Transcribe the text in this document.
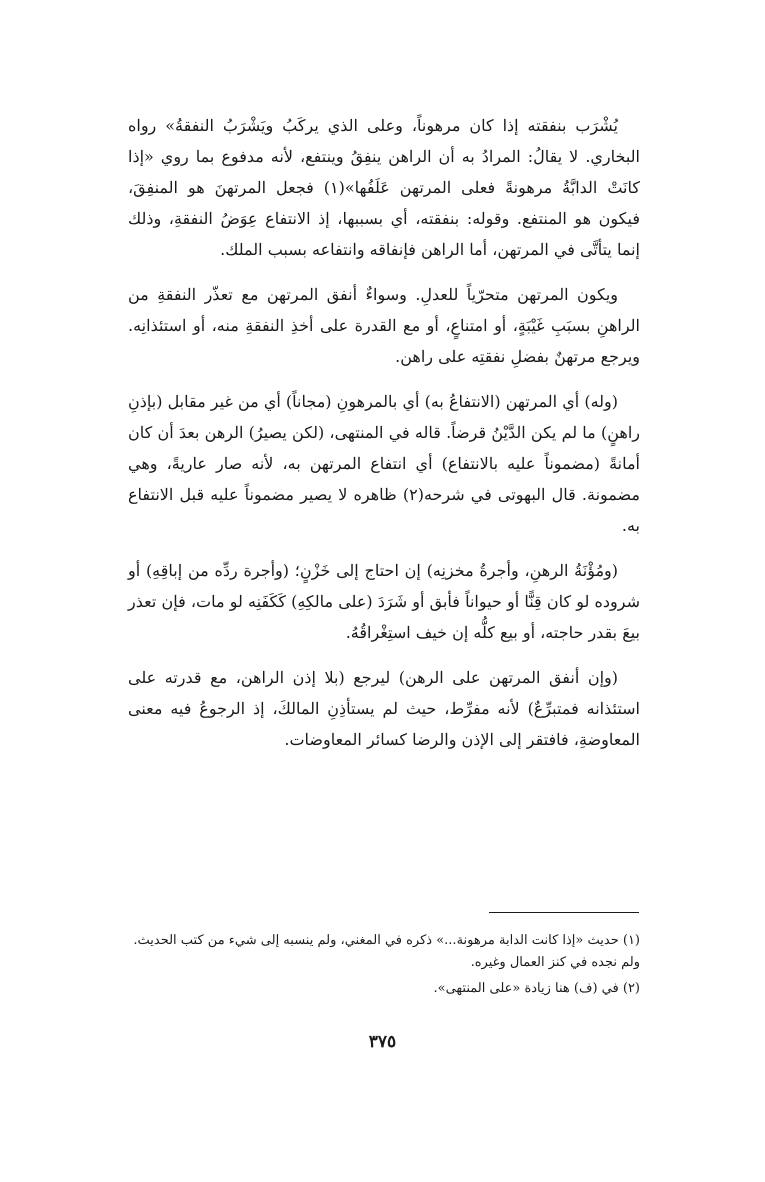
يُشْرَب بنفقته إذا كان مرهوناً، وعلى الذي يركَبُ ويَشْرَبُ النفقةُ» رواه البخاري. لا يقالُ: المرادُ به أن الراهن ينفِقُ وينتفع، لأنه مدفوع بما روي «إذا كانَتْ الدابَّةُ مرهونةً فعلى المرتهن عَلَفُها»(١) فجعل المرتهنَ هو المنفِقَ، فيكون هو المنتفع. وقوله: بنفقته، أي بسببها، إذ الانتفاع عِوَضُ النفقةِ، وذلك إنما يتأتَّى في المرتهن، أما الراهن فإنفاقه وانتفاعه بسبب الملك.

ويكون المرتهن متحرّياً للعدلِ. وسواءٌ أنفق المرتهن مع تعذّر النفقةِ من الراهنِ بسبَبِ غَيْبَةٍ، أو امتناعٍ، أو مع القدرة على أخذِ النفقةِ منه، أو استئذانِه. ويرجع مرتهنٌ بفضلِ نفقتِه على راهن.

(وله) أي المرتهن (الانتفاعُ به) أي بالمرهونِ (مجاناً) أي من غير مقابل (بإذنِ راهنٍ) ما لم يكن الدَّيْنُ قرضاً. قاله في المنتهى، (لكن يصيرُ) الرهن بعدَ أن كان أمانةً (مضموناً عليه بالانتفاع) أي انتفاع المرتهن به، لأنه صار عاريةً، وهي مضمونة. قال البهوتى في شرحه(٢) ظاهره لا يصير مضموناً عليه قبل الانتفاع به.

(ومُؤْنَةُ الرهنِ، وأجرةُ مخزنِه) إن احتاج إلى خَزْنٍ؛ (وأجرة ردِّه من إباقِهِ) أو شروده لو كان قِنًّا أو حيواناً فأبق أو شَرَدَ (على مالكِهِ) كَكَفَنِه لو مات، فإن تعذر بيعَ بقدر حاجته، أو بيع كلُّه إن خيف استِغْراقُهُ.

(وإن أنفق المرتهن على الرهن) ليرجع (بلا إذن الراهن، مع قدرته على استئذانه فمتبرِّعٌ) لأنه مفرِّط، حيث لم يستأذِنِ المالكَ، إذ الرجوعُ فيه معنى المعاوضةِ، فافتقر إلى الإذن والرضا كسائر المعاوضات.

(١) حديث «إذا كانت الدابة مرهونة...» ذكره في المغني، ولم ينسبه إلى شيء من كتب الحديث. ولم نجده في كنز العمال وغيره.

(٢) في (ف) هنا زيادة «على المنتهى».

٣٧٥
